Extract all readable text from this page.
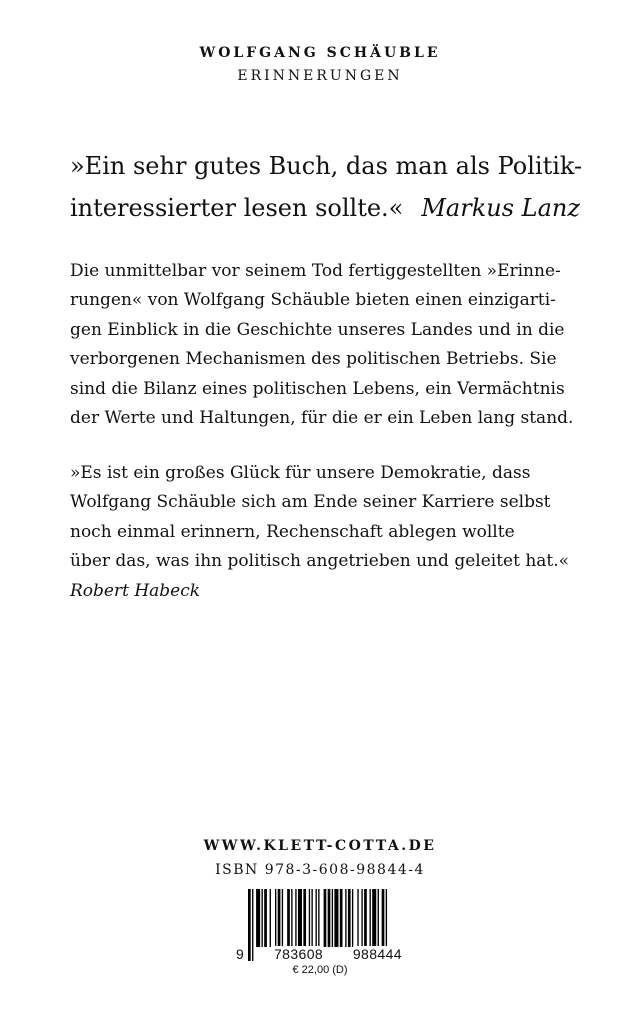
WOLFGANG SCHÄUBLE
ERINNERUNGEN
»Ein sehr gutes Buch, das man als Politik-
interessierter lesen sollte.« Markus Lanz
Die unmittelbar vor seinem Tod fertiggestellten »Erinne-
rungen« von Wolfgang Schäuble bieten einen einzigarti-
gen Einblick in die Geschichte unseres Landes und in die
verborgenen Mechanismen des politischen Betriebs. Sie
sind die Bilanz eines politischen Lebens, ein Vermächtnis
der Werte und Haltungen, für die er ein Leben lang stand.
»Es ist ein großes Glück für unsere Demokratie, dass
Wolfgang Schäuble sich am Ende seiner Karriere selbst
noch einmal erinnern, Rechenschaft ablegen wollte
über das, was ihn politisch angetrieben und geleitet hat.«
Robert Habeck
WWW.KLETT-COTTA.DE
ISBN 978-3-608-98844-4
9 783608 988444
€ 22,00 (D)
